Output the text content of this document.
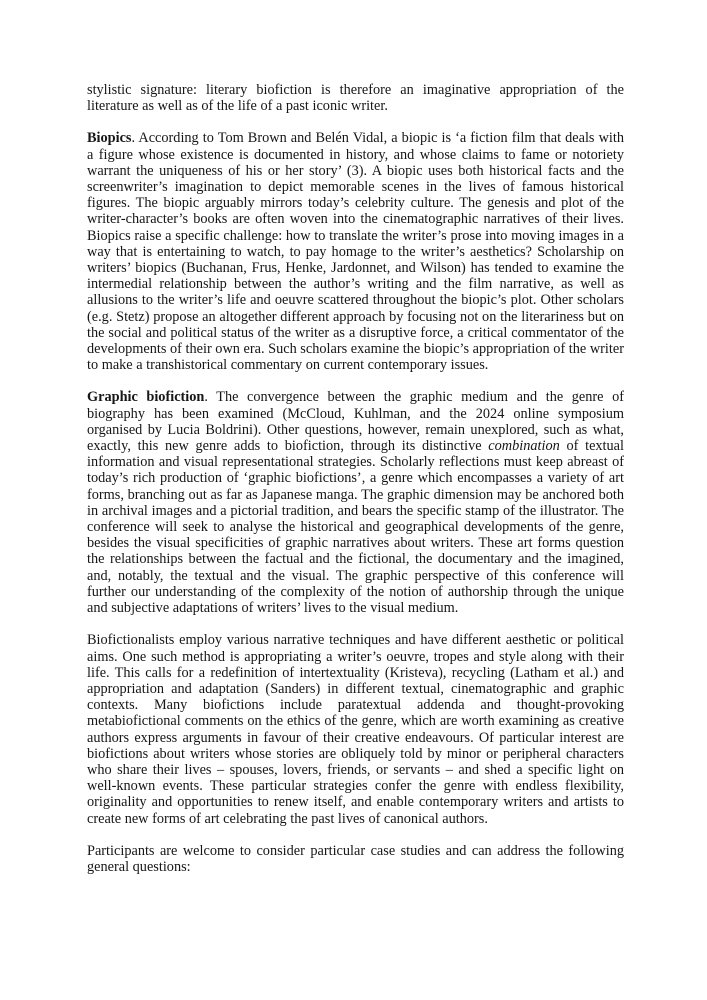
stylistic signature: literary biofiction is therefore an imaginative appropriation of the literature as well as of the life of a past iconic writer.

Biopics. According to Tom Brown and Belén Vidal, a biopic is ‘a fiction film that deals with a figure whose existence is documented in history, and whose claims to fame or notoriety warrant the uniqueness of his or her story’ (3). A biopic uses both historical facts and the screenwriter’s imagination to depict memorable scenes in the lives of famous historical figures. The biopic arguably mirrors today’s celebrity culture. The genesis and plot of the writer-character’s books are often woven into the cinematographic narratives of their lives. Biopics raise a specific challenge: how to translate the writer’s prose into moving images in a way that is entertaining to watch, to pay homage to the writer’s aesthetics? Scholarship on writers’ biopics (Buchanan, Frus, Henke, Jardonnet, and Wilson) has tended to examine the intermedial relationship between the author’s writing and the film narrative, as well as allusions to the writer’s life and oeuvre scattered throughout the biopic’s plot. Other scholars (e.g. Stetz) propose an altogether different approach by focusing not on the literariness but on the social and political status of the writer as a disruptive force, a critical commentator of the developments of their own era. Such scholars examine the biopic’s appropriation of the writer to make a transhistorical commentary on current contemporary issues.

Graphic biofiction. The convergence between the graphic medium and the genre of biography has been examined (McCloud, Kuhlman, and the 2024 online symposium organised by Lucia Boldrini). Other questions, however, remain unexplored, such as what, exactly, this new genre adds to biofiction, through its distinctive combination of textual information and visual representational strategies. Scholarly reflections must keep abreast of today’s rich production of ‘graphic biofictions’, a genre which encompasses a variety of art forms, branching out as far as Japanese manga. The graphic dimension may be anchored both in archival images and a pictorial tradition, and bears the specific stamp of the illustrator. The conference will seek to analyse the historical and geographical developments of the genre, besides the visual specificities of graphic narratives about writers. These art forms question the relationships between the factual and the fictional, the documentary and the imagined, and, notably, the textual and the visual. The graphic perspective of this conference will further our understanding of the complexity of the notion of authorship through the unique and subjective adaptations of writers’ lives to the visual medium.

Biofictionalists employ various narrative techniques and have different aesthetic or political aims. One such method is appropriating a writer’s oeuvre, tropes and style along with their life. This calls for a redefinition of intertextuality (Kristeva), recycling (Latham et al.) and appropriation and adaptation (Sanders) in different textual, cinematographic and graphic contexts. Many biofictions include paratextual addenda and thought-provoking metabiofictional comments on the ethics of the genre, which are worth examining as creative authors express arguments in favour of their creative endeavours. Of particular interest are biofictions about writers whose stories are obliquely told by minor or peripheral characters who share their lives – spouses, lovers, friends, or servants – and shed a specific light on well-known events. These particular strategies confer the genre with endless flexibility, originality and opportunities to renew itself, and enable contemporary writers and artists to create new forms of art celebrating the past lives of canonical authors.

Participants are welcome to consider particular case studies and can address the following general questions:
